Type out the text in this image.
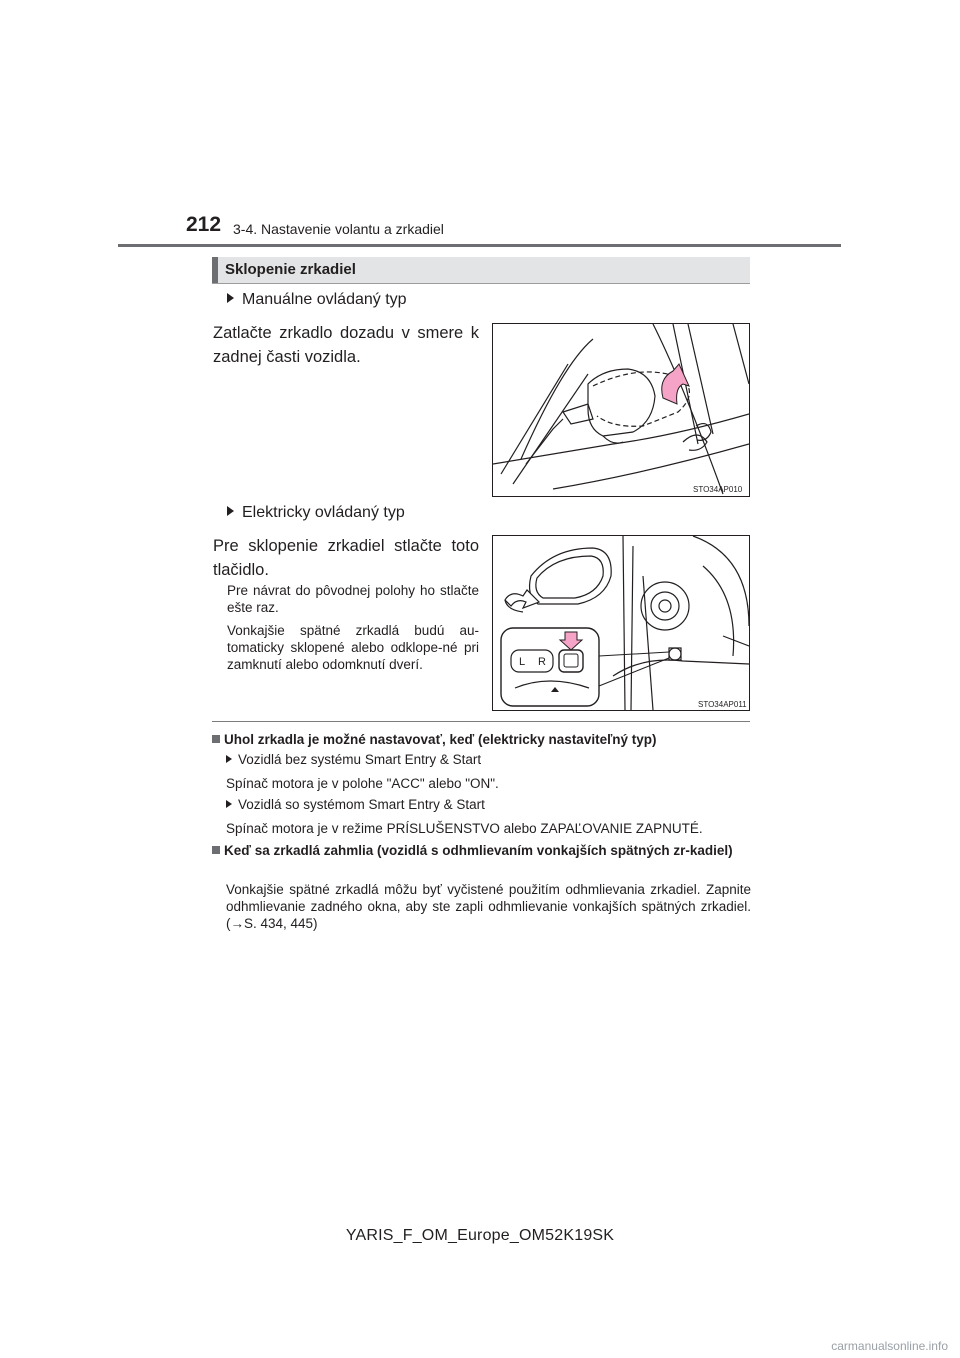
212 3-4. Nastavenie volantu a zrkadiel
Sklopenie zrkadiel
Manuálne ovládaný typ
Zatlačte zrkadlo dozadu v smere k zadnej časti vozidla.
STO34AP010
Elektricky ovládaný typ
Pre sklopenie zrkadiel stlačte toto tlačidlo.
Pre návrat do pôvodnej polohy ho stlačte ešte raz.
Vonkajšie spätné zrkadlá budú au-tomaticky sklopené alebo odklope-né pri zamknutí alebo odomknutí dverí.	L R
STO34AP011
Uhol zrkadla je možné nastavovať, keď (elektricky nastaviteľný typ)
Vozidlá bez systému Smart Entry & Start
Spínač motora je v polohe "ACC" alebo "ON".
Vozidlá so systémom Smart Entry & Start
Spínač motora je v režime PRÍSLUŠENSTVO alebo ZAPAĽOVANIE ZAPNUTÉ.
Keď sa zrkadlá zahmlia (vozidlá s odhmlievaním vonkajších spätných zr-kadiel)
Vonkajšie spätné zrkadlá môžu byť vyčistené použitím odhmlievania zrkadiel. Zapnite odhmlievanie zadného okna, aby ste zapli odhmlievanie vonkajších spätných zrkadiel. (→S. 434, 445)
YARIS_F_OM_Europe_OM52K19SK
carmanualsonline.info
